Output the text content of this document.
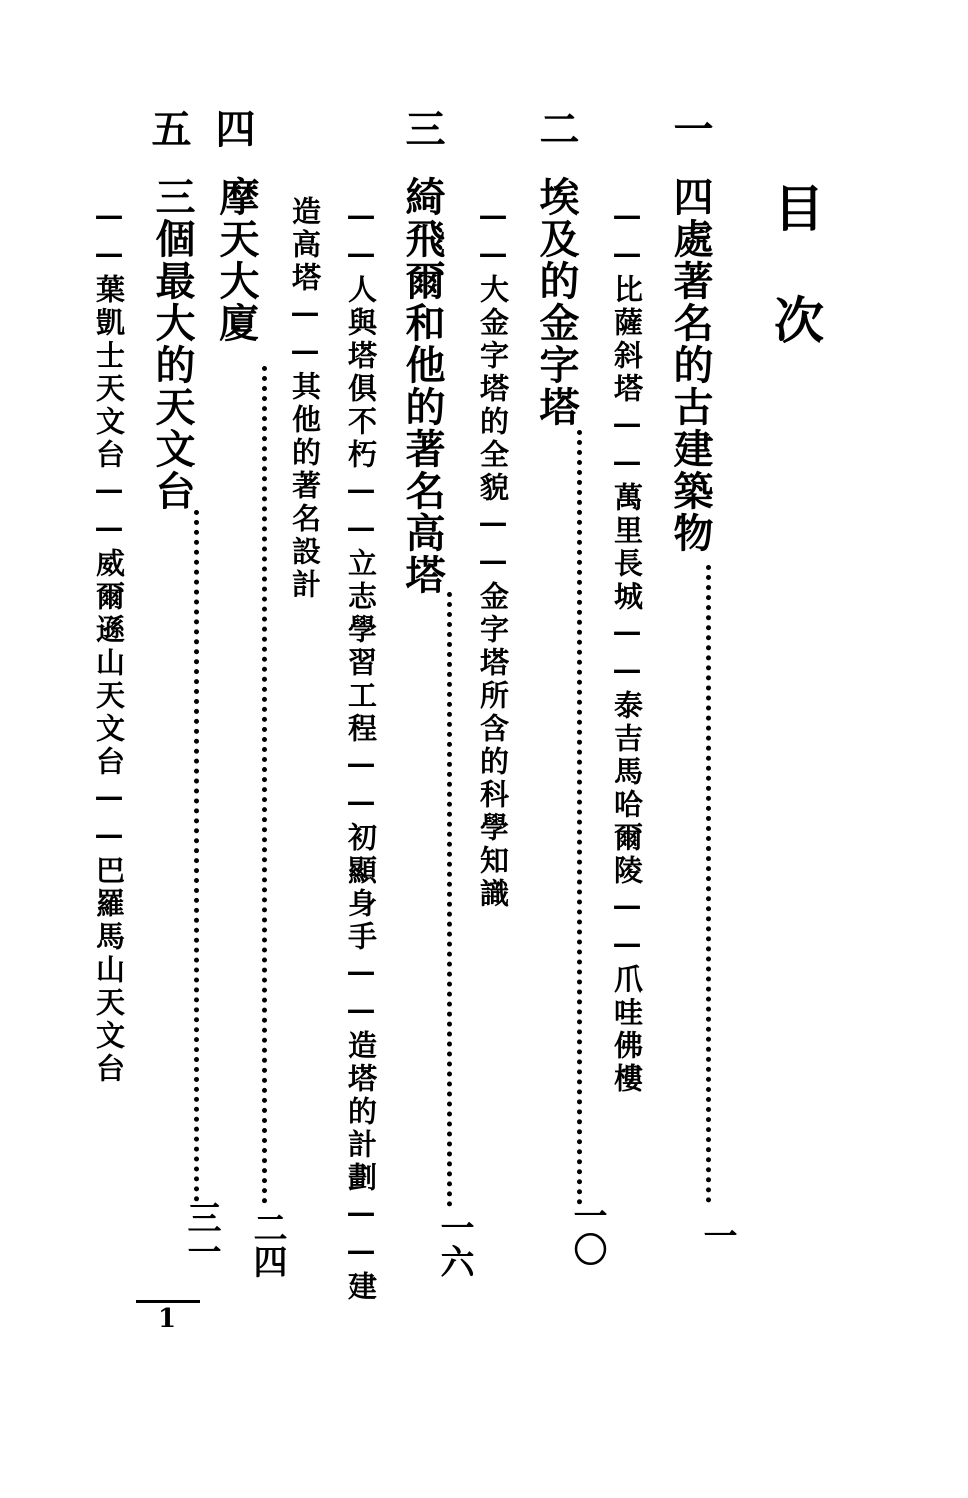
目次
一
四處著名的古建築物
一
——比薩斜塔——萬里長城——泰吉馬哈爾陵——爪哇佛樓
二
埃及的金字塔
一〇
——大金字塔的全貌——金字塔所含的科學知識
三
綺飛爾和他的著名高塔
一六
——人與塔俱不朽——立志學習工程——初顯身手——造塔的計劃——建
造高塔——其他的著名設計
四
摩天大廈
二四
五
三個最大的天文台
三一
——葉凱士天文台——威爾遜山天文台——巴羅馬山天文台
1
